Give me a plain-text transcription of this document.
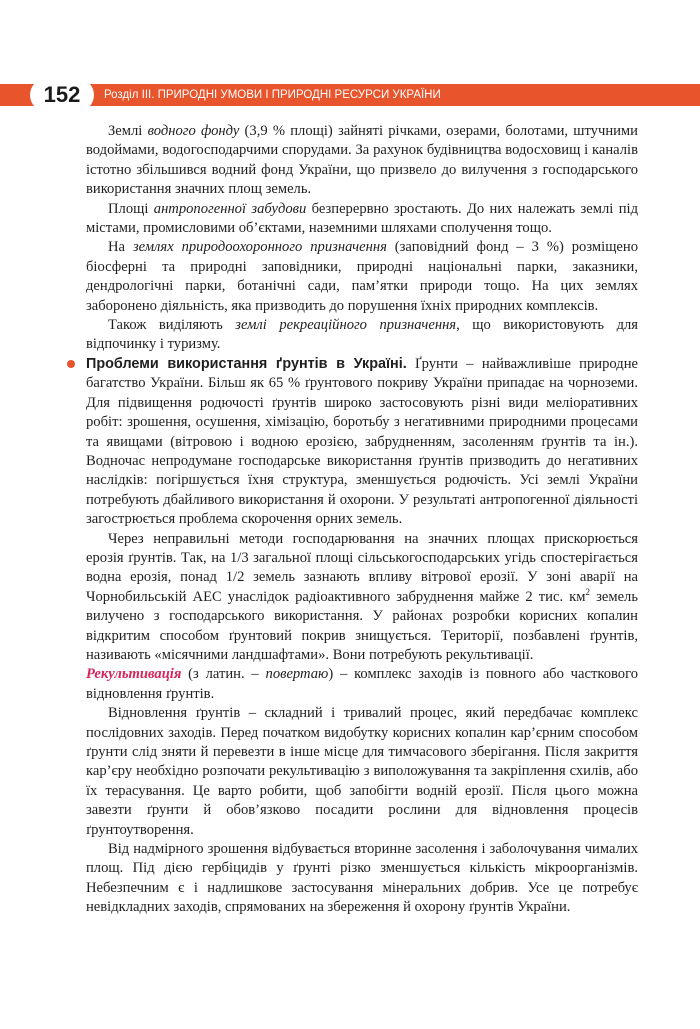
152	Розділ ІІІ. ПРИРОДНІ УМОВИ І ПРИРОДНІ РЕСУРСИ УКРАЇНИ

Землі водного фонду (3,9 % площі) зайняті річками, озерами, болотами, штучними водоймами, водогосподарчими спорудами. За рахунок будівництва водосховищ і каналів істотно збільшився водний фонд України, що призвело до вилучення з господарського використання значних площ земель.

Площі антропогенної забудови безперервно зростають. До них належать землі під містами, промисловими об’єктами, наземними шляхами сполучення тощо.

На землях природоохоронного призначення (заповідний фонд – 3 %) розміщено біосферні та природні заповідники, природні національні парки, заказники, дендрологічні парки, ботанічні сади, пам’ятки природи тощо. На цих землях заборонено діяльність, яка призводить до порушення їхніх природних комплексів.

Також виділяють землі рекреаційного призначення, що використовують для відпочинку і туризму.

Проблеми використання ґрунтів в Україні. Ґрунти – найважливіше природне багатство України. Більш як 65 % ґрунтового покриву України припадає на чорноземи. Для підвищення родючості ґрунтів широко застосовують різні види меліоративних робіт: зрошення, осушення, хімізацію, боротьбу з негативними природними процесами та явищами (вітровою і водною ерозією, забрудненням, засоленням ґрунтів та ін.). Водночас непродумане господарське використання ґрунтів призводить до негативних наслідків: погіршується їхня структура, зменшується родючість. Усі землі України потребують дбайливого використання й охорони. У результаті антропогенної діяльності загострюється проблема скорочення орних земель.

Через неправильні методи господарювання на значних площах прискорюється ерозія ґрунтів. Так, на 1/3 загальної площі сільськогосподарських угідь спостерігається водна ерозія, понад 1/2 земель зазнають впливу вітрової ерозії. У зоні аварії на Чорнобильській АЕС унаслідок радіоактивного забруднення майже 2 тис. $км^2$ земель вилучено з господарського використання. У районах розробки корисних копалин відкритим способом ґрунтовий покрив знищується. Території, позбавлені ґрунтів, називають «місячними ландшафтами». Вони потребують рекультивації.

Рекультивація (з латин. – повертаю) – комплекс заходів із повного або часткового відновлення ґрунтів.

Відновлення ґрунтів – складний і тривалий процес, який передбачає комплекс послідовних заходів. Перед початком видобутку корисних копалин кар’єрним способом ґрунти слід зняти й перевезти в інше місце для тимчасового зберігання. Після закриття кар’єру необхідно розпочати рекультивацію з виположування та закріплення схилів, або їх терасування. Це варто робити, щоб запобігти водній ерозії. Після цього можна завезти ґрунти й обов’язково посадити рослини для відновлення процесів ґрунтоутворення.

Від надмірного зрошення відбувається вторинне засолення і заболочування чималих площ. Під дією гербіцидів у ґрунті різко зменшується кількість мікроорганізмів. Небезпечним є і надлишкове застосування мінеральних добрив. Усе це потребує невідкладних заходів, спрямованих на збереження й охорону ґрунтів України.
